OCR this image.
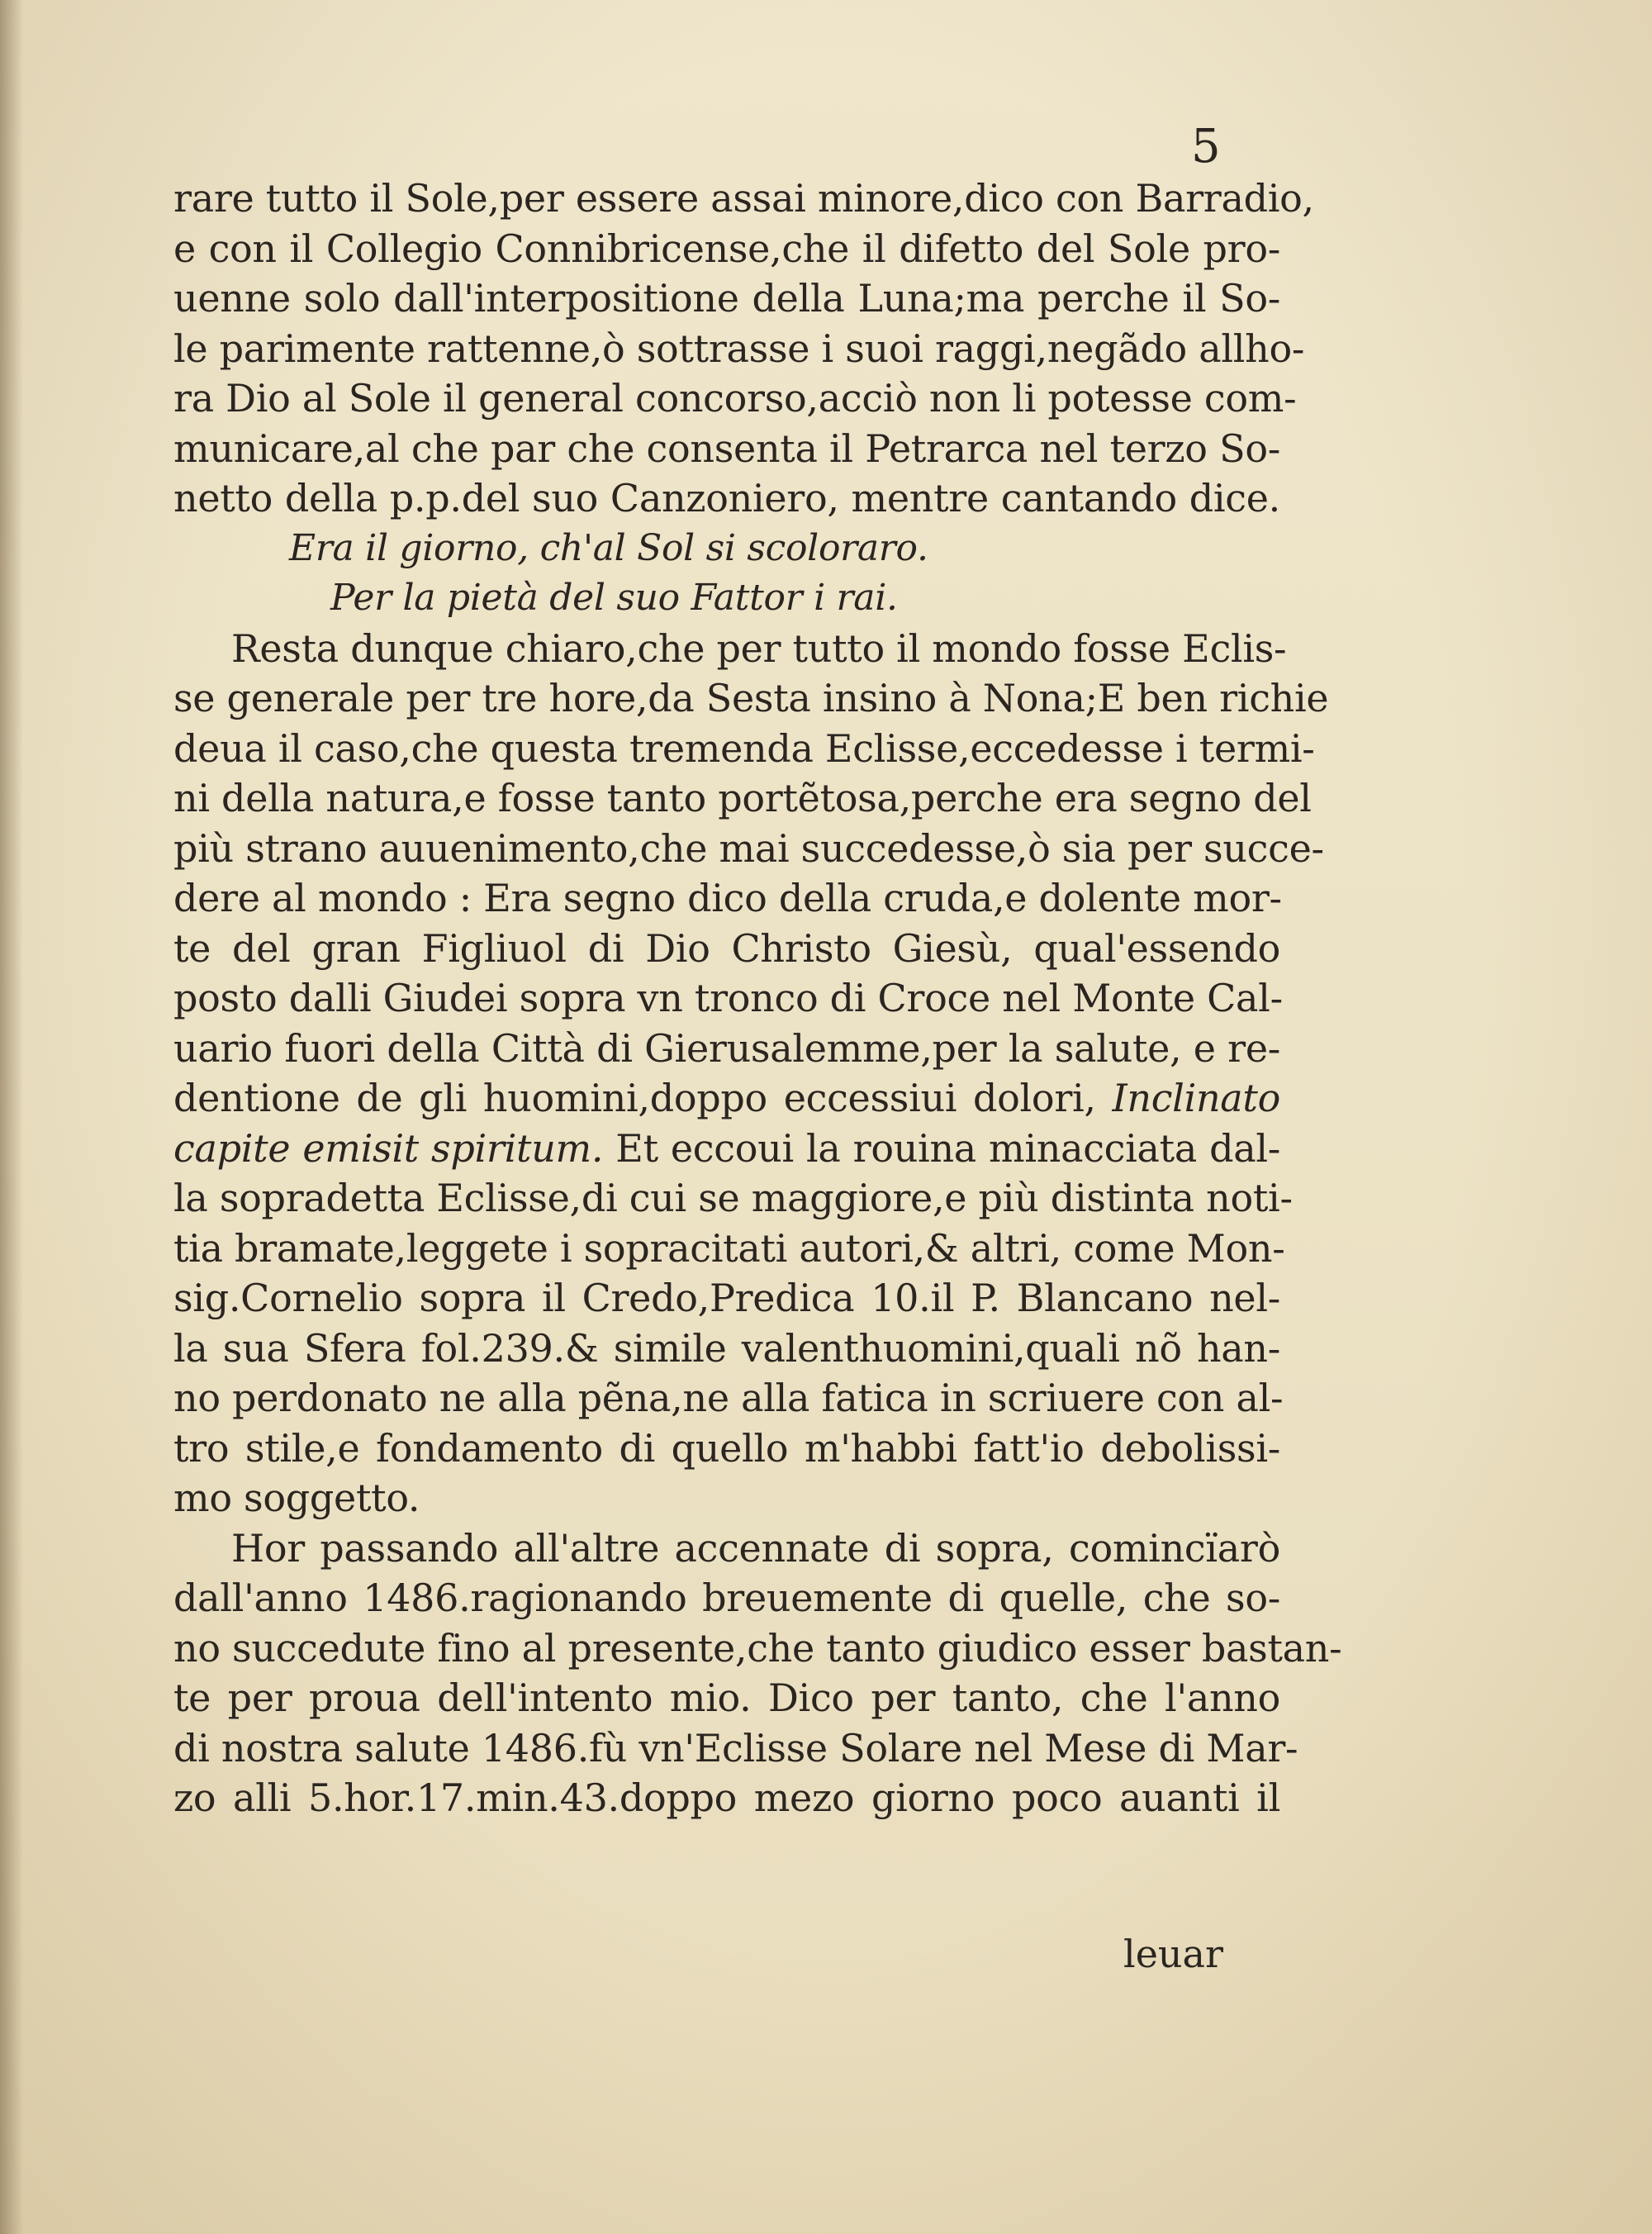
5
rare tutto il Sole,per essere assai minore,dico con Barradio,
e con il Collegio Connibricense,che il difetto del Sole pro-
uenne solo dall'interpositione della Luna;ma perche il So-
le parimente rattenne,ò sottrasse i suoi raggi,negãdo allho-
ra Dio al Sole il general concorso,acciò non li potesse com-
municare,al che par che consenta il Petrarca nel terzo So-
netto della p.p.del suo Canzoniero, mentre cantando dice.
Era il giorno, ch'al Sol si scoloraro.
Per la pietà del suo Fattor i rai.
Resta dunque chiaro,che per tutto il mondo fosse Eclis-
se generale per tre hore,da Sesta insino à Nona;E ben richie
deua il caso,che questa tremenda Eclisse,eccedesse i termi-
ni della natura,e fosse tanto portẽtosa,perche era segno del
più strano auuenimento,che mai succedesse,ò sia per succe-
dere al mondo : Era segno dico della cruda,e dolente mor-
te del gran Figliuol di Dio Christo Giesù, qual'essendo
posto dalli Giudei sopra vn tronco di Croce nel Monte Cal-
uario fuori della Città di Gierusalemme,per la salute, e re-
dentione de gli huomini,doppo eccessiui dolori, Inclinato
capite emisit spiritum. Et eccoui la rouina minacciata dal-
la sopradetta Eclisse,di cui se maggiore,e più distinta noti-
tia bramate,leggete i sopracitati autori,& altri, come Mon-
sig.Cornelio sopra il Credo,Predica 10.il P. Blancano nel-
la sua Sfera fol.239.& simile valenthuomini,quali nõ han-
no perdonato ne alla pẽna,ne alla fatica in scriuere con al-
tro stile,e fondamento di quello m'habbi fatt'io debolissi-
mo soggetto.
Hor passando all'altre accennate di sopra, comincïarò
dall'anno 1486.ragionando breuemente di quelle, che so-
no succedute fino al presente,che tanto giudico esser bastan-
te per proua dell'intento mio. Dico per tanto, che l'anno
di nostra salute 1486.fù vn'Eclisse Solare nel Mese di Mar-
zo alli 5.hor.17.min.43.doppo mezo giorno poco auanti il
leuar
